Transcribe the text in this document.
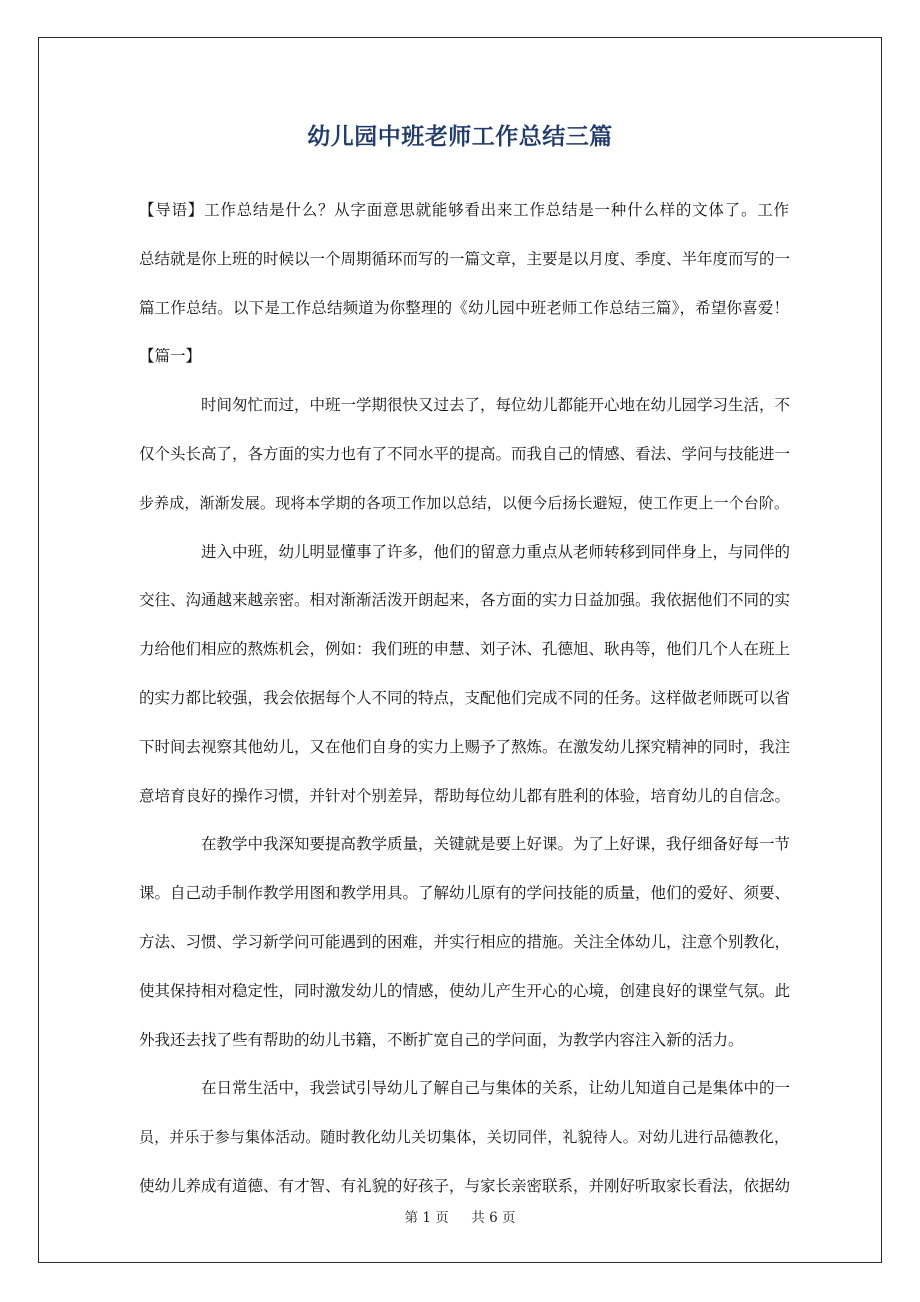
幼儿园中班老师工作总结三篇
【导语】工作总结是什么？从字面意思就能够看出来工作总结是一种什么样的文体了。工作
总结就是你上班的时候以一个周期循环而写的一篇文章，主要是以月度、季度、半年度而写的一
篇工作总结。以下是工作总结频道为你整理的《幼儿园中班老师工作总结三篇》，希望你喜爱！
【篇一】
时间匆忙而过，中班一学期很快又过去了，每位幼儿都能开心地在幼儿园学习生活，不
仅个头长高了，各方面的实力也有了不同水平的提高。而我自己的情感、看法、学问与技能进一
步养成，渐渐发展。现将本学期的各项工作加以总结，以便今后扬长避短，使工作更上一个台阶。
进入中班，幼儿明显懂事了许多，他们的留意力重点从老师转移到同伴身上，与同伴的
交往、沟通越来越亲密。相对渐渐活泼开朗起来，各方面的实力日益加强。我依据他们不同的实
力给他们相应的熬炼机会，例如：我们班的申慧、刘子沐、孔德旭、耿冉等，他们几个人在班上
的实力都比较强，我会依据每个人不同的特点，支配他们完成不同的任务。这样做老师既可以省
下时间去视察其他幼儿，又在他们自身的实力上赐予了熬炼。在激发幼儿探究精神的同时，我注
意培育良好的操作习惯，并针对个别差异，帮助每位幼儿都有胜利的体验，培育幼儿的自信念。
在教学中我深知要提高教学质量，关键就是要上好课。为了上好课，我仔细备好每一节
课。自己动手制作教学用图和教学用具。了解幼儿原有的学问技能的质量，他们的爱好、须要、
方法、习惯、学习新学问可能遇到的困难，并实行相应的措施。关注全体幼儿，注意个别教化，
使其保持相对稳定性，同时激发幼儿的情感，使幼儿产生开心的心境，创建良好的课堂气氛。此
外我还去找了些有帮助的幼儿书籍，不断扩宽自己的学问面，为教学内容注入新的活力。
在日常生活中，我尝试引导幼儿了解自己与集体的关系，让幼儿知道自己是集体中的一
员，并乐于参与集体活动。随时教化幼儿关切集体，关切同伴，礼貌待人。对幼儿进行品德教化，
使幼儿养成有道德、有才智、有礼貌的好孩子，与家长亲密联系，并刚好听取家长看法，依据幼
第 1 页 共 6 页
